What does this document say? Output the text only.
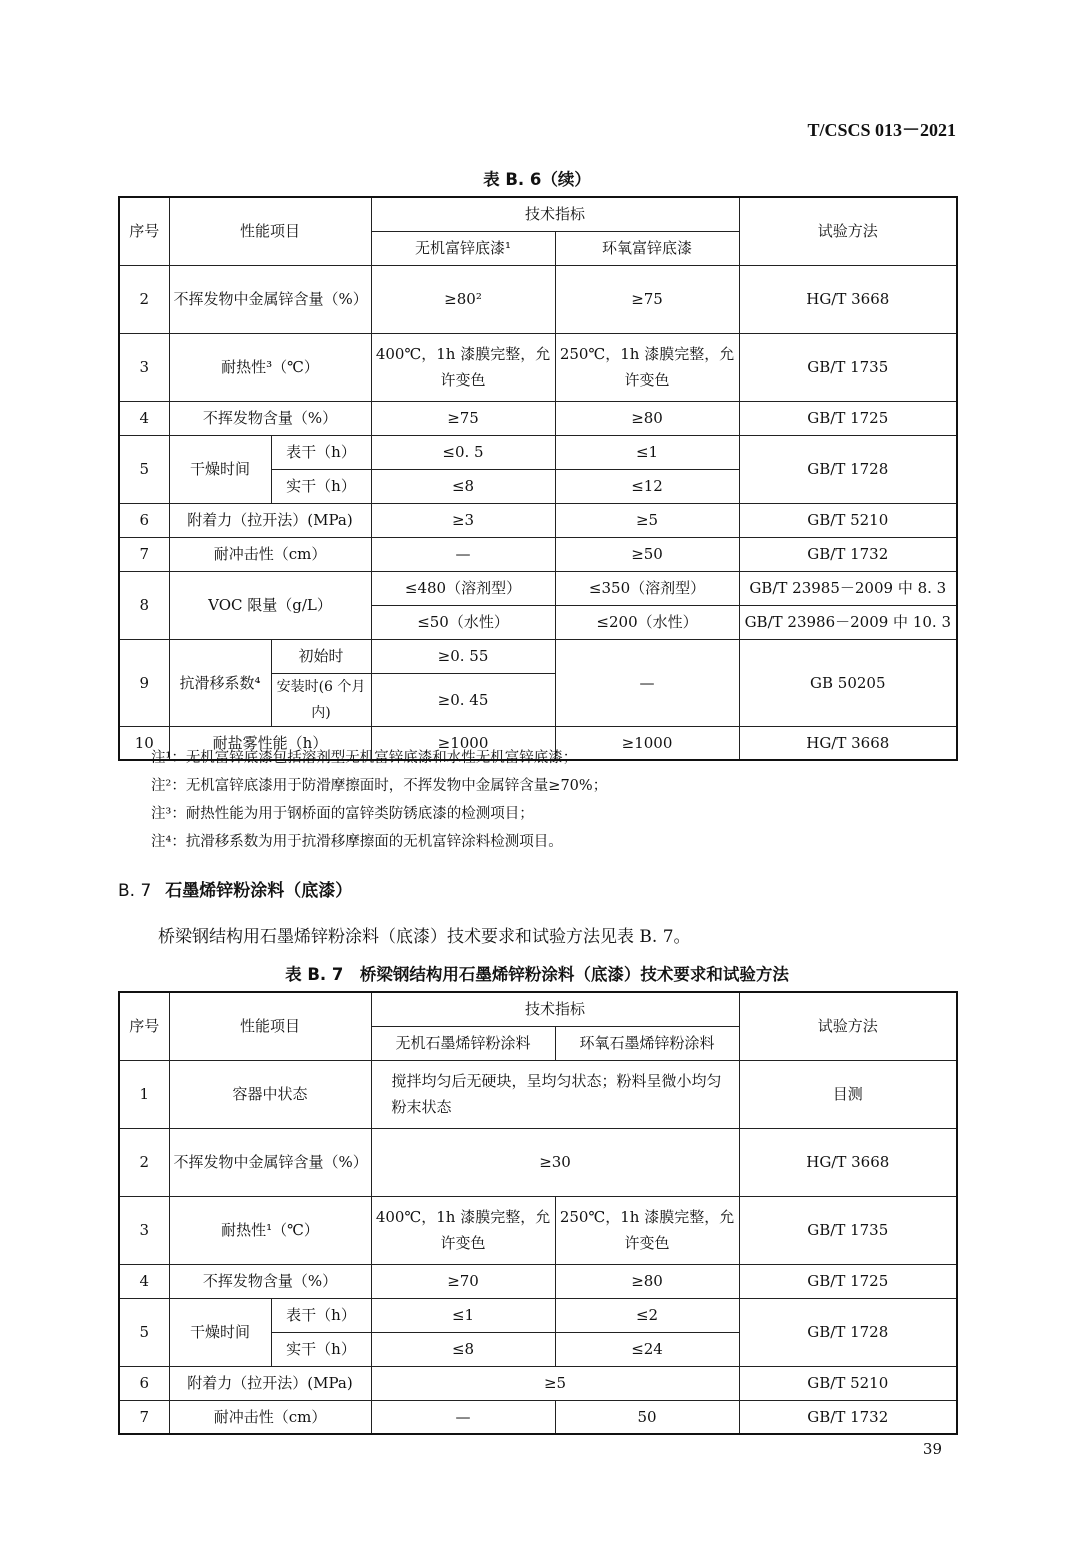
T/CSCS 013－2021
表 B. 6（续）
序号	性能项目		技术指标		试验方法
			无机富锌底漆¹	环氧富锌底漆	
2	不挥发物中金属锌含量（%）		≥80²	≥75	HG/T 3668
3	耐热性³（℃）		400℃，1h 漆膜完整，允许变色	250℃，1h 漆膜完整，允许变色	GB/T 1735
4	不挥发物含量（%）		≥75	≥80	GB/T 1725
5	干燥时间	表干（h）	≤0. 5	≤1	GB/T 1728
		实干（h）	≤8	≤12	
6	附着力（拉开法）(MPa)		≥3	≥5	GB/T 5210
7	耐冲击性（cm）		—	≥50	GB/T 1732
8	VOC 限量（g/L）		≤480（溶剂型）	≤350（溶剂型）	GB/T 23985－2009 中 8. 3
			≤50（水性）	≤200（水性）	GB/T 23986－2009 中 10. 3
9	抗滑移系数⁴	初始时	≥0. 55	—	GB 50205
		安装时(6 个月内)	≥0. 45		
10	耐盐雾性能（h）		≥1000	≥1000	HG/T 3668
注¹：无机富锌底漆包括溶剂型无机富锌底漆和水性无机富锌底漆；
注²：无机富锌底漆用于防滑摩擦面时，不挥发物中金属锌含量≥70%；
注³：耐热性能为用于钢桥面的富锌类防锈底漆的检测项目；
注⁴：抗滑移系数为用于抗滑移摩擦面的无机富锌涂料检测项目。
B. 7 石墨烯锌粉涂料（底漆）
桥梁钢结构用石墨烯锌粉涂料（底漆）技术要求和试验方法见表 B. 7。
表 B. 7　桥梁钢结构用石墨烯锌粉涂料（底漆）技术要求和试验方法
序号	性能项目		技术指标		试验方法
			无机石墨烯锌粉涂料	环氧石墨烯锌粉涂料	
1	容器中状态		搅拌均匀后无硬块，呈均匀状态；粉料呈微小均匀粉末状态		目测
2	不挥发物中金属锌含量（%）		≥30		HG/T 3668
3	耐热性¹（℃）		400℃，1h 漆膜完整，允许变色	250℃，1h 漆膜完整，允许变色	GB/T 1735
4	不挥发物含量（%）		≥70	≥80	GB/T 1725
5	干燥时间	表干（h）	≤1	≤2	GB/T 1728
		实干（h）	≤8	≤24	
6	附着力（拉开法）(MPa)		≥5		GB/T 5210
7	耐冲击性（cm）		—	50	GB/T 1732
39
